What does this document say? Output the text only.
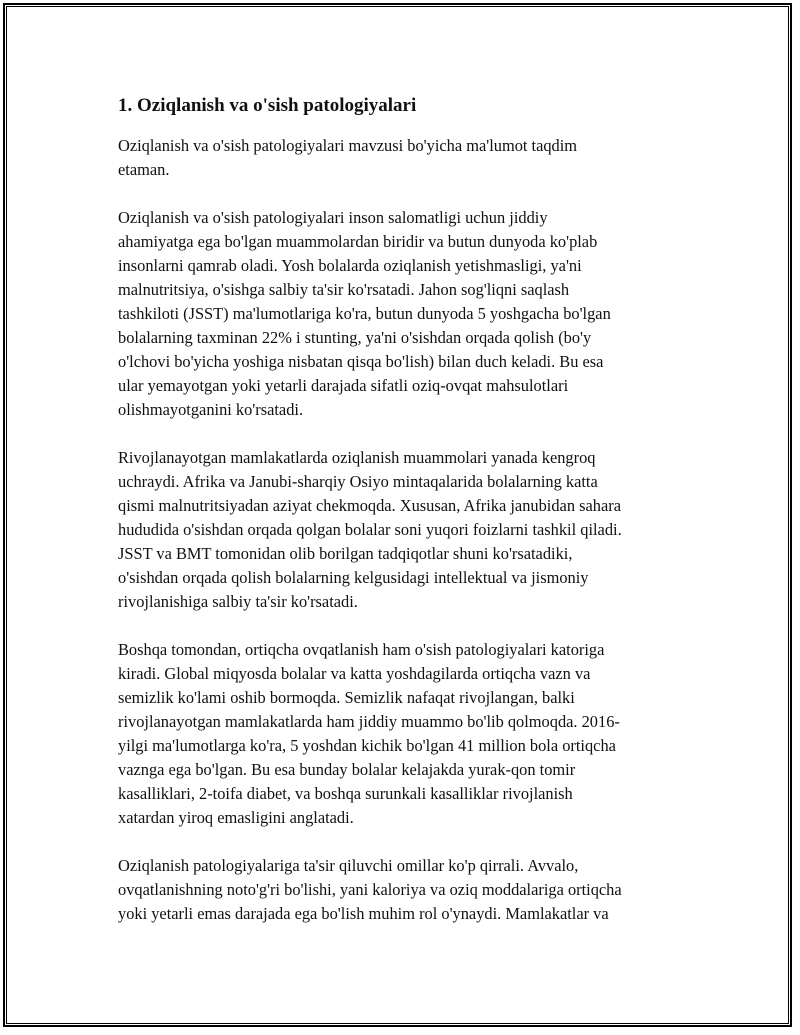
1. Oziqlanish va o'sish patologiyalari

Oziqlanish va o'sish patologiyalari mavzusi bo'yicha ma'lumot taqdim
etaman.

Oziqlanish va o'sish patologiyalari inson salomatligi uchun jiddiy
ahamiyatga ega bo'lgan muammolardan biridir va butun dunyoda ko'plab
insonlarni qamrab oladi. Yosh bolalarda oziqlanish yetishmasligi, ya'ni
malnutritsiya, o'sishga salbiy ta'sir ko'rsatadi. Jahon sog'liqni saqlash
tashkiloti (JSST) ma'lumotlariga ko'ra, butun dunyoda 5 yoshgacha bo'lgan
bolalarning taxminan 22% i stunting, ya'ni o'sishdan orqada qolish (bo'y
o'lchovi bo'yicha yoshiga nisbatan qisqa bo'lish) bilan duch keladi. Bu esa
ular yemayotgan yoki yetarli darajada sifatli oziq-ovqat mahsulotlari
olishmayotganini ko'rsatadi.

Rivojlanayotgan mamlakatlarda oziqlanish muammolari yanada kengroq
uchraydi. Afrika va Janubi-sharqiy Osiyo mintaqalarida bolalarning katta
qismi malnutritsiyadan aziyat chekmoqda. Xususan, Afrika janubidan sahara
hududida o'sishdan orqada qolgan bolalar soni yuqori foizlarni tashkil qiladi.
JSST va BMT tomonidan olib borilgan tadqiqotlar shuni ko'rsatadiki,
o'sishdan orqada qolish bolalarning kelgusidagi intellektual va jismoniy
rivojlanishiga salbiy ta'sir ko'rsatadi.

Boshqa tomondan, ortiqcha ovqatlanish ham o'sish patologiyalari katoriga
kiradi. Global miqyosda bolalar va katta yoshdagilarda ortiqcha vazn va
semizlik ko'lami oshib bormoqda. Semizlik nafaqat rivojlangan, balki
rivojlanayotgan mamlakatlarda ham jiddiy muammo bo'lib qolmoqda. 2016-
yilgi ma'lumotlarga ko'ra, 5 yoshdan kichik bo'lgan 41 million bola ortiqcha
vaznga ega bo'lgan. Bu esa bunday bolalar kelajakda yurak-qon tomir
kasalliklari, 2-toifa diabet, va boshqa surunkali kasalliklar rivojlanish
xatardan yiroq emasligini anglatadi.

Oziqlanish patologiyalariga ta'sir qiluvchi omillar ko'p qirrali. Avvalo,
ovqatlanishning noto'g'ri bo'lishi, yani kaloriya va oziq moddalariga ortiqcha
yoki yetarli emas darajada ega bo'lish muhim rol o'ynaydi. Mamlakatlar va
